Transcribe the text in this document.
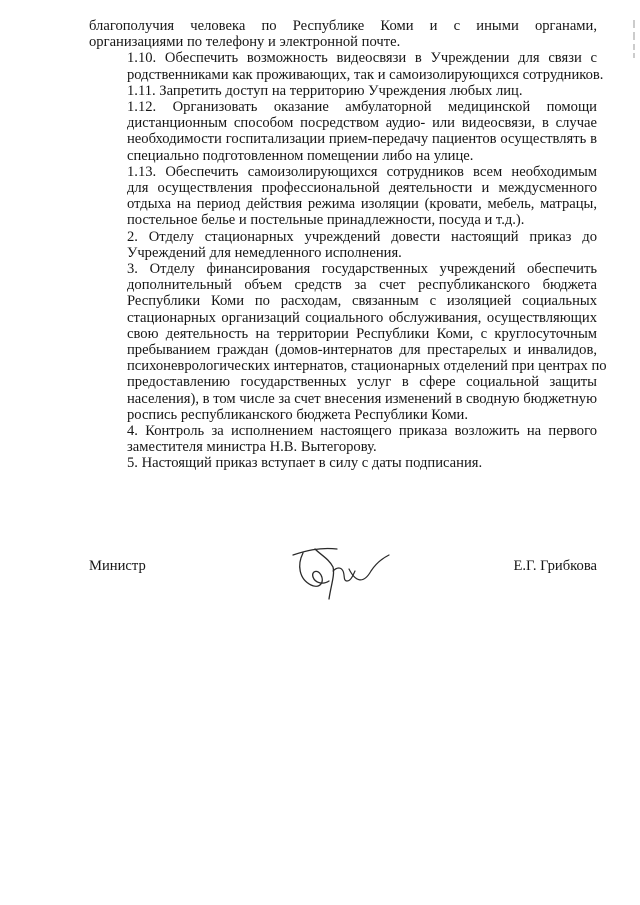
благополучия человека по Республике Коми и с иными органами,
организациями по телефону и электронной почте.

1.10. Обеспечить возможность видеосвязи в Учреждении для связи с
родственниками как проживающих, так и самоизолирующихся сотрудников.

1.11. Запретить доступ на территорию Учреждения любых лиц.

1.12. Организовать оказание амбулаторной медицинской помощи
дистанционным способом посредством аудио- или видеосвязи, в случае
необходимости госпитализации прием-передачу пациентов осуществлять в
специально подготовленном помещении либо на улице.

1.13. Обеспечить самоизолирующихся сотрудников всем необходимым
для осуществления профессиональной деятельности и междусменного
отдыха на период действия режима изоляции (кровати, мебель, матрацы,
постельное белье и постельные принадлежности, посуда и т.д.).

2. Отделу стационарных учреждений довести настоящий приказ до
Учреждений для немедленного исполнения.

3. Отделу финансирования государственных учреждений обеспечить
дополнительный объем средств за счет республиканского бюджета
Республики Коми по расходам, связанным с изоляцией социальных
стационарных организаций социального обслуживания, осуществляющих
свою деятельность на территории Республики Коми, с круглосуточным
пребыванием граждан (домов-интернатов для престарелых и инвалидов,
психоневрологических интернатов, стационарных отделений при центрах по
предоставлению государственных услуг в сфере социальной защиты
населения), в том числе за счет внесения изменений в сводную бюджетную
роспись республиканского бюджета Республики Коми.

4. Контроль за исполнением настоящего приказа возложить на первого
заместителя министра Н.В. Вытегорову.

5. Настоящий приказ вступает в силу с даты подписания.

Министр	Е.Г. Грибкова
